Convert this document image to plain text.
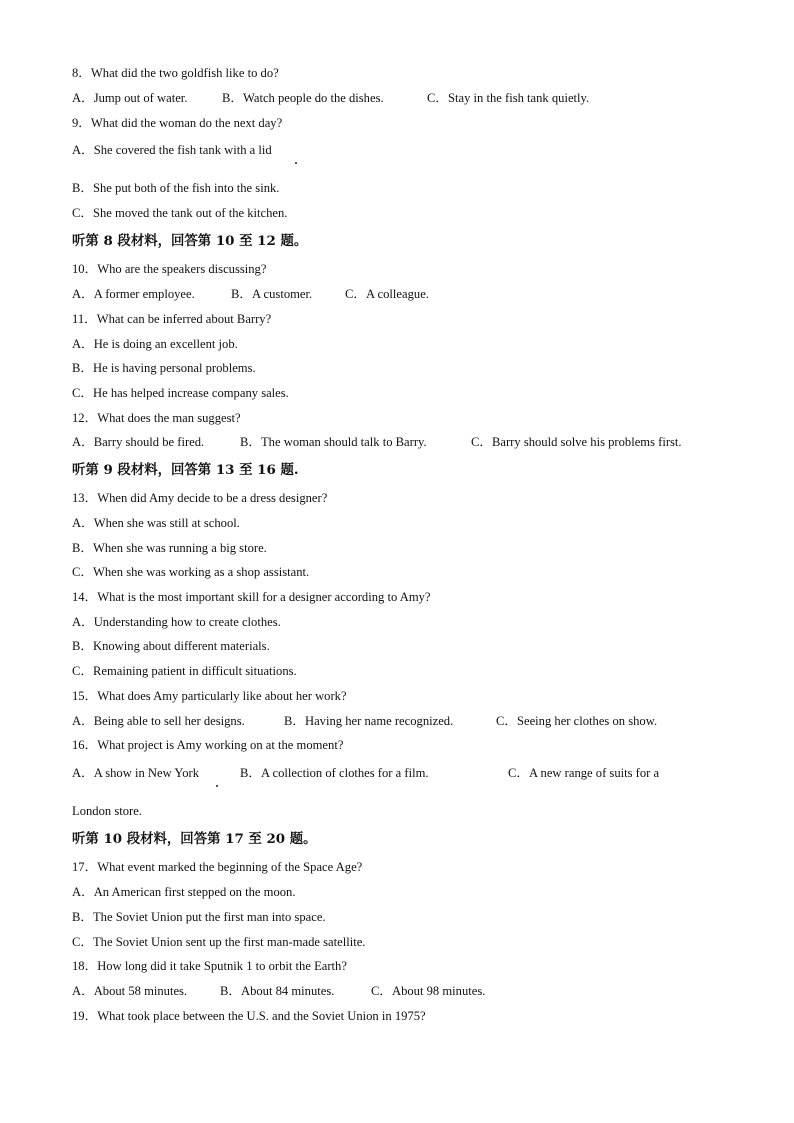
8．What did the two goldfish like to do?
A．Jump out of water.	B．Watch people do the dishes.	C．Stay in the fish tank quietly.
9．What did the woman do the next day?
A．She covered the fish tank with a lid
B．She put both of the fish into the sink.
C．She moved the tank out of the kitchen.
听第 8 段材料，回答第 10 至 12 题。
10．Who are the speakers discussing?
A．A former employee.	B．A customer.	C．A colleague.
11．What can be inferred about Barry?
A．He is doing an excellent job.
B．He is having personal problems.
C．He has helped increase company sales.
12．What does the man suggest?
A．Barry should be fired.	B．The woman should talk to Barry.	C．Barry should solve his problems first.
听第 9 段材料，回答第 13 至 16 题.
13．When did Amy decide to be a dress designer?
A．When she was still at school.
B．When she was running a big store.
C．When she was working as a shop assistant.
14．What is the most important skill for a designer according to Amy?
A．Understanding how to create clothes.
B．Knowing about different materials.
C．Remaining patient in difficult situations.
15．What does Amy particularly like about her work?
A．Being able to sell her designs.	B．Having her name recognized.	C．Seeing her clothes on show.
16．What project is Amy working on at the moment?
A．A show in New York	B．A collection of clothes for a film.	C．A new range of suits for a
London store.
听第 10 段材料，回答第 17 至 20 题。
17．What event marked the beginning of the Space Age?
A．An American first stepped on the moon.
B．The Soviet Union put the first man into space.
C．The Soviet Union sent up the first man-made satellite.
18．How long did it take Sputnik 1 to orbit the Earth?
A．About 58 minutes.	B．About 84 minutes.	C．About 98 minutes.
19．What took place between the U.S. and the Soviet Union in 1975?
